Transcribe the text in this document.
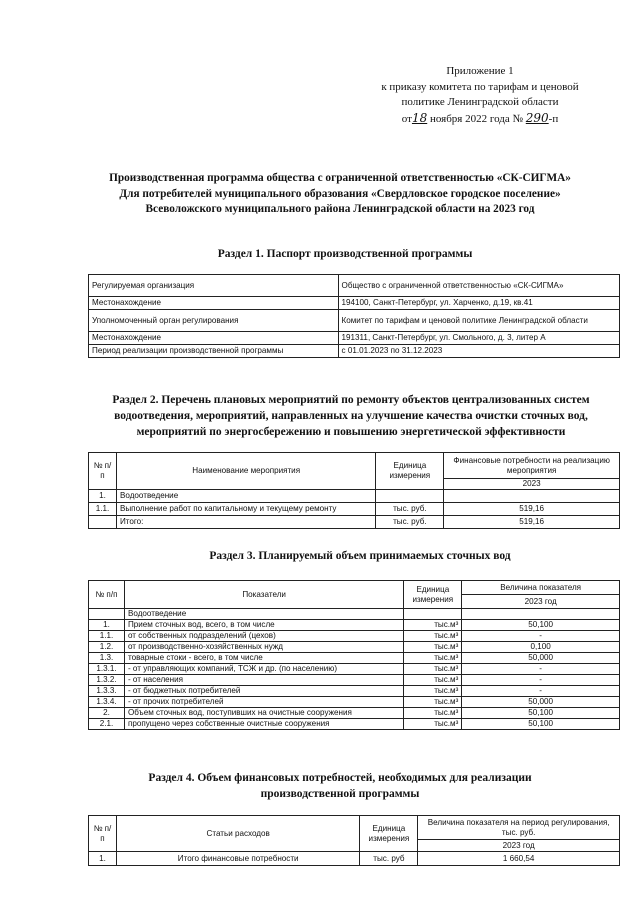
Приложение 1
к приказу комитета по тарифам и ценовой
политике Ленинградской области
от18 ноября 2022 года № 290-п
Производственная программа общества с ограниченной ответственностью «СК-СИГМА»
Для потребителей муниципального образования «Свердловское городское поселение»
Всеволожского муниципального района Ленинградской области на 2023 год
Раздел 1. Паспорт производственной программы
Регулируемая организация	Общество с ограниченной ответственностью «СК-СИГМА»
Местонахождение	194100, Санкт-Петербург, ул. Харченко, д.19, кв.41
Уполномоченный орган регулирования	Комитет по тарифам и ценовой политике Ленинградской области
Местонахождение	191311, Санкт-Петербург, ул. Смольного, д. 3, литер А
Период реализации производственной программы	с 01.01.2023 по 31.12.2023
Раздел 2. Перечень плановых мероприятий по ремонту объектов централизованных систем водоотведения, мероприятий, направленных на улучшение качества очистки сточных вод, мероприятий по энергосбережению и повышению энергетической эффективности
№ п/п	Наименование мероприятия	Единица измерения	Финансовые потребности на реализацию мероприятия
			2023
1.	Водоотведение		
1.1.	Выполнение работ по капитальному и текущему ремонту	тыс. руб.	519,16
	Итого:	тыс. руб.	519,16
Раздел 3. Планируемый объем принимаемых сточных вод
№ п/п	Показатели	Единица измерения	Величина показателя
			2023 год
	Водоотведение		
1.	Прием сточных вод, всего, в том числе	тыс.м³	50,100
1.1.	от собственных подразделений (цехов)	тыс.м³	-
1.2.	от производственно-хозяйственных нужд	тыс.м³	0,100
1.3.	товарные стоки - всего, в том числе	тыс.м³	50,000
1.3.1.	- от управляющих компаний, ТСЖ и др. (по населению)	тыс.м³	-
1.3.2.	- от населения	тыс.м³	-
1.3.3.	- от бюджетных потребителей	тыс.м³	-
1.3.4.	- от прочих потребителей	тыс.м³	50,000
2.	Объем сточных вод, поступивших на очистные сооружения	тыс.м³	50,100
2.1.	пропущено через собственные очистные сооружения	тыс.м³	50,100
Раздел 4. Объем финансовых потребностей, необходимых для реализации
производственной программы
№ п/п	Статьи расходов	Единица измерения	Величина показателя на период регулирования, тыс. руб.
			2023 год
1.	Итого финансовые потребности	тыс. руб	1 660,54
